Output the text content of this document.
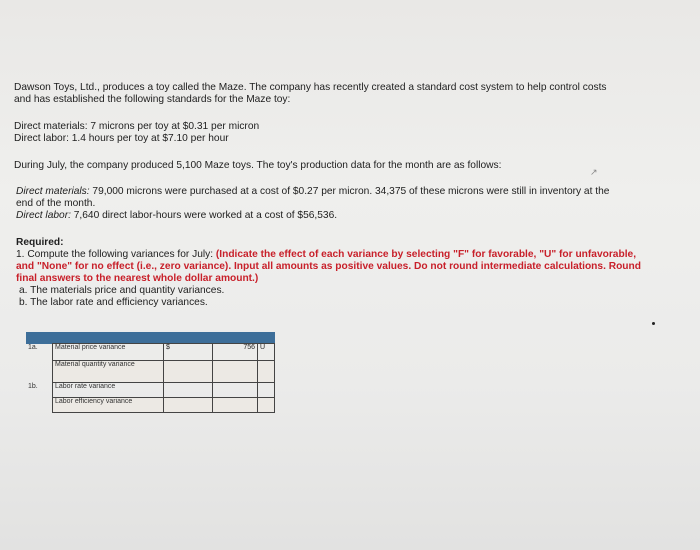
Dawson Toys, Ltd., produces a toy called the Maze. The company has recently created a standard cost system to help control costs
and has established the following standards for the Maze toy:
Direct materials: 7 microns per toy at $0.31 per micron
Direct labor: 1.4 hours per toy at $7.10 per hour
During July, the company produced 5,100 Maze toys. The toy's production data for the month are as follows:
↗
Direct materials: 79,000 microns were purchased at a cost of $0.27 per micron. 34,375 of these microns were still in inventory at the
end of the month.
Direct labor: 7,640 direct labor-hours were worked at a cost of $56,536.
Required:
1. Compute the following variances for July: (Indicate the effect of each variance by selecting "F" for favorable, "U" for unfavorable,
and "None" for no effect (i.e., zero variance). Input all amounts as positive values. Do not round intermediate calculations. Round
final answers to the nearest whole dollar amount.)
a. The materials price and quantity variances.
b. The labor rate and efficiency variances.

1a.	Material price variance	$	756	U
	Material quantity variance			
1b.	Labor rate variance			
	Labor efficiency variance			
